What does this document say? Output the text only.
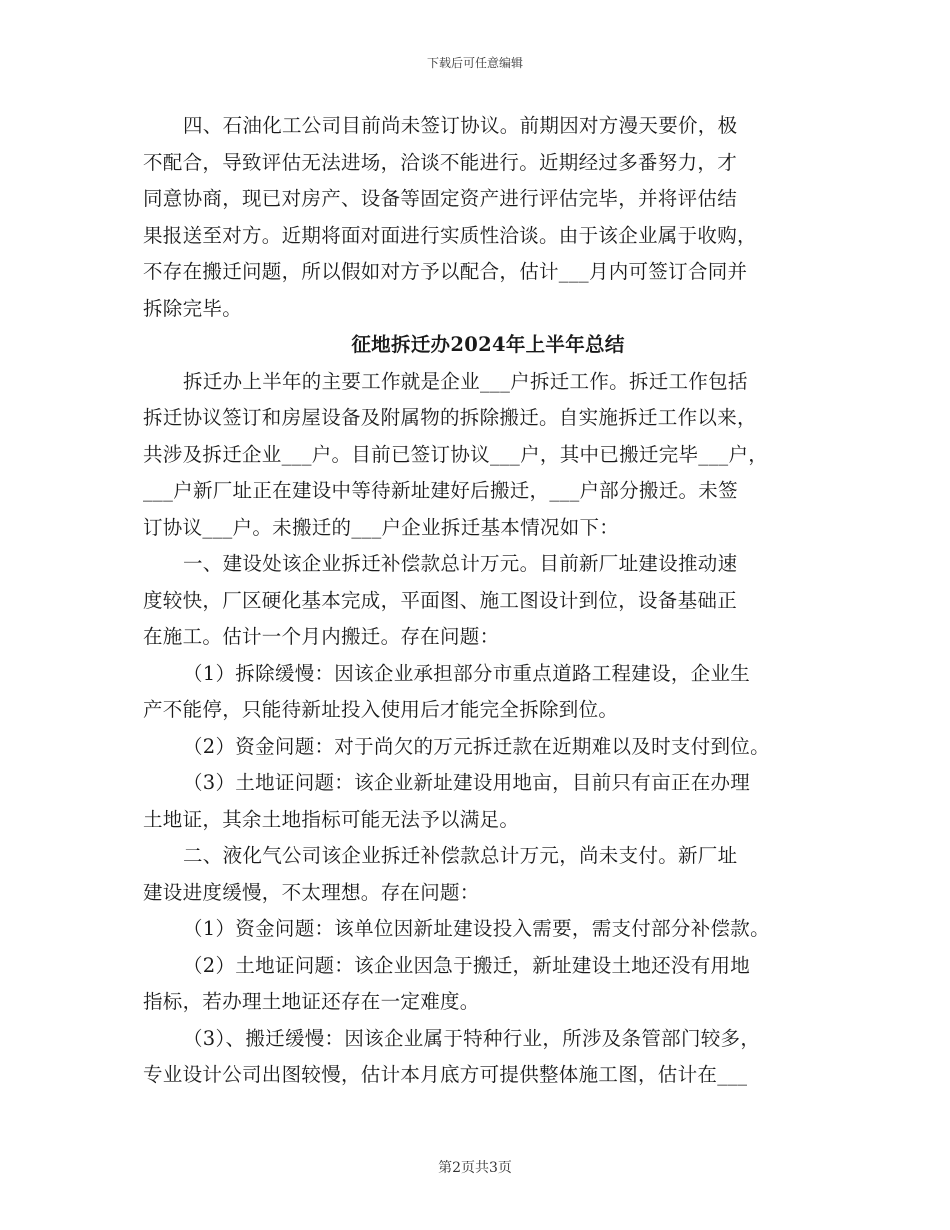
下载后可任意编辑
四、石油化工公司目前尚未签订协议。前期因对方漫天要价，极
不配合，导致评估无法进场，洽谈不能进行。近期经过多番努力，才
同意协商，现已对房产、设备等固定资产进行评估完毕，并将评估结
果报送至对方。近期将面对面进行实质性洽谈。由于该企业属于收购，
不存在搬迁问题，所以假如对方予以配合，估计___月内可签订合同并
拆除完毕。
征地拆迁办2024年上半年总结
拆迁办上半年的主要工作就是企业___户拆迁工作。拆迁工作包括
拆迁协议签订和房屋设备及附属物的拆除搬迁。自实施拆迁工作以来，
共涉及拆迁企业___户。目前已签订协议___户，其中已搬迁完毕___户，
___户新厂址正在建设中等待新址建好后搬迁，___户部分搬迁。未签
订协议___户。未搬迁的___户企业拆迁基本情况如下：
一、建设处该企业拆迁补偿款总计万元。目前新厂址建设推动速
度较快，厂区硬化基本完成，平面图、施工图设计到位，设备基础正
在施工。估计一个月内搬迁。存在问题：
（1）拆除缓慢：因该企业承担部分市重点道路工程建设，企业生
产不能停，只能待新址投入使用后才能完全拆除到位。
（2）资金问题：对于尚欠的万元拆迁款在近期难以及时支付到位。
（3）土地证问题：该企业新址建设用地亩，目前只有亩正在办理
土地证，其余土地指标可能无法予以满足。
二、液化气公司该企业拆迁补偿款总计万元，尚未支付。新厂址
建设进度缓慢，不太理想。存在问题：
（1）资金问题：该单位因新址建设投入需要，需支付部分补偿款。
（2）土地证问题：该企业因急于搬迁，新址建设土地还没有用地
指标，若办理土地证还存在一定难度。
（3）、搬迁缓慢：因该企业属于特种行业，所涉及条管部门较多，
专业设计公司出图较慢，估计本月底方可提供整体施工图，估计在___
第2页共3页
